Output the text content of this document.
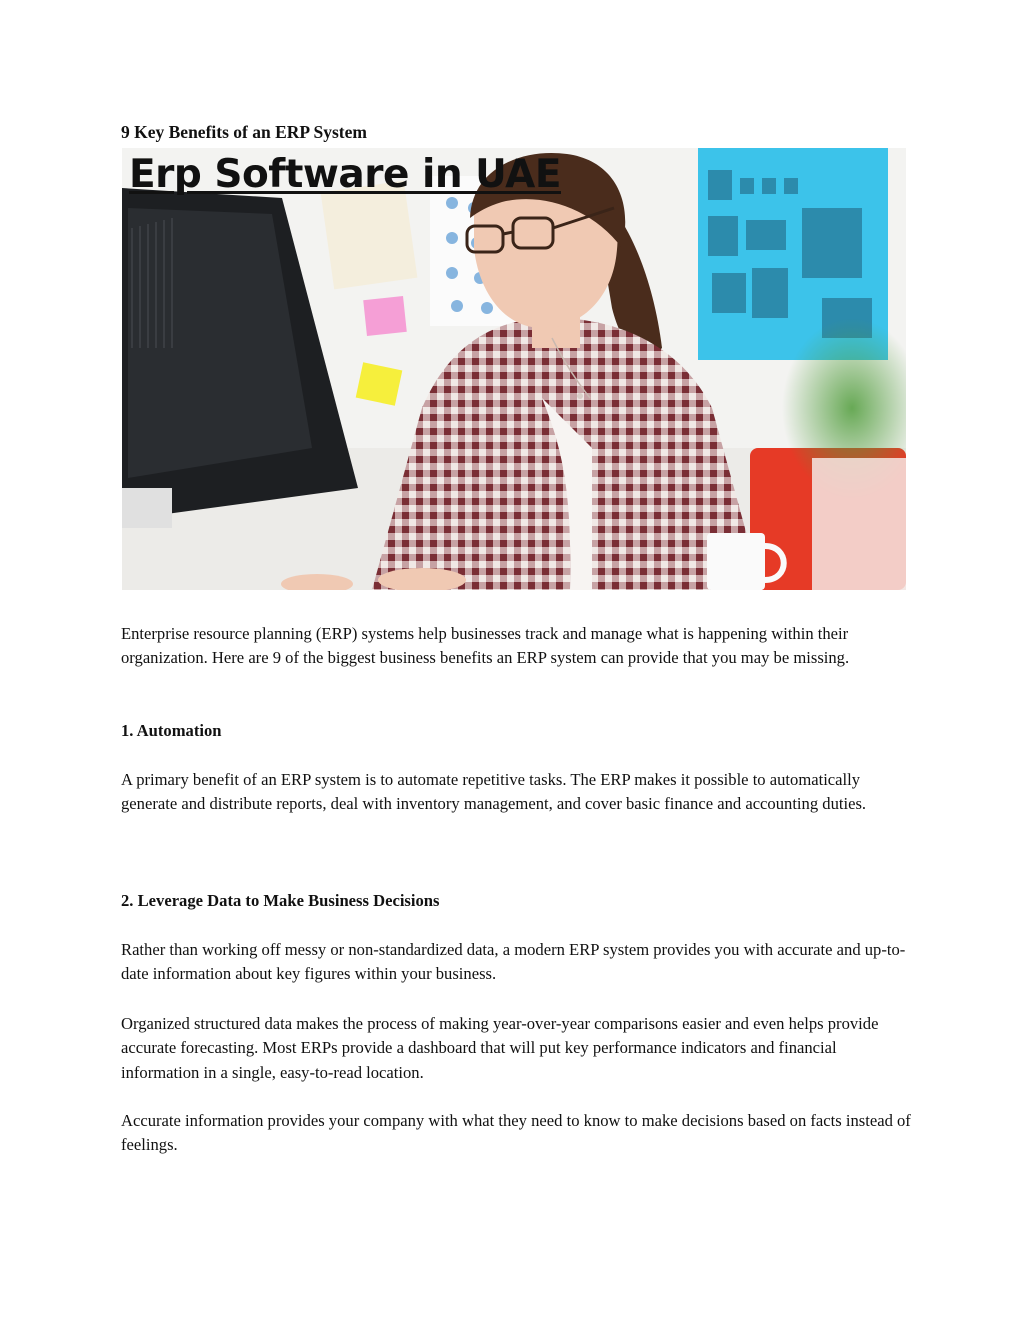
9 Key Benefits of an ERP System
Erp Software in UAE

Enterprise resource planning (ERP) systems help businesses track and manage what is happening within their organization. Here are 9 of the biggest business benefits an ERP system can provide that you may be missing.

1. Automation

A primary benefit of an ERP system is to automate repetitive tasks. The ERP makes it possible to automatically generate and distribute reports, deal with inventory management, and cover basic finance and accounting duties.

2. Leverage Data to Make Business Decisions

Rather than working off messy or non-standardized data, a modern ERP system provides you with accurate and up-to-date information about key figures within your business.

Organized structured data makes the process of making year-over-year comparisons easier and even helps provide accurate forecasting. Most ERPs provide a dashboard that will put key performance indicators and financial information in a single, easy-to-read location.

Accurate information provides your company with what they need to know to make decisions based on facts instead of feelings.
